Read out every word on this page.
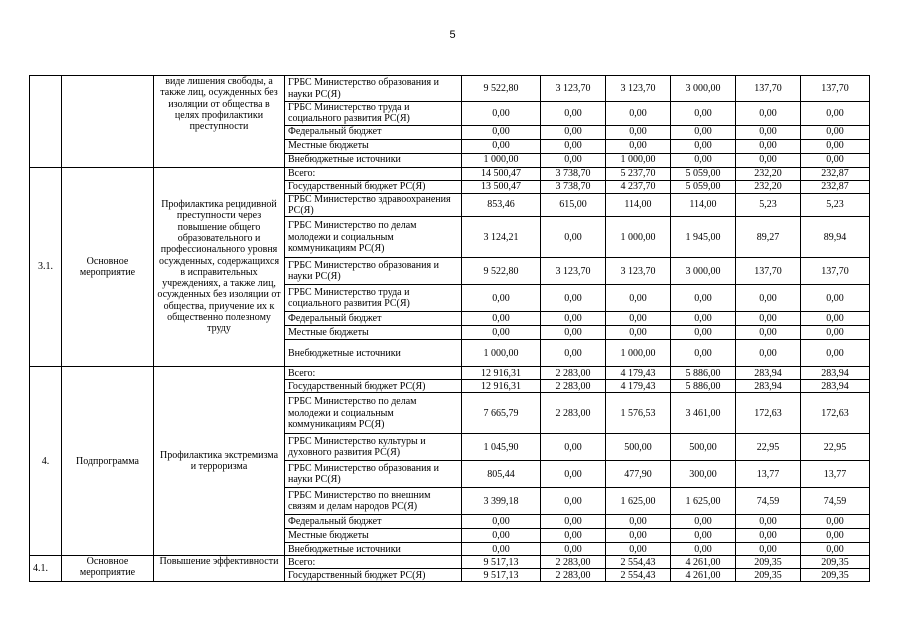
5
		виде лишения свободы, а также лиц, осужденных без изоляции от общества в целях профилактики преступности	ГРБС Министерство образования и науки РС(Я)	9 522,80	3 123,70	3 123,70	3 000,00	137,70	137,70
			ГРБС Министерство труда и социального развития РС(Я)	0,00	0,00	0,00	0,00	0,00	0,00
			Федеральный бюджет	0,00	0,00	0,00	0,00	0,00	0,00
			Местные бюджеты	0,00	0,00	0,00	0,00	0,00	0,00
			Внебюджетные источники	1 000,00	0,00	1 000,00	0,00	0,00	0,00
3.1.	Основное мероприятие	Профилактика рецидивной преступности через повышение общего образовательного и профессионального уровня осужденных, содержащихся в исправительных учреждениях, а также лиц, осужденных без изоляции от общества, приучение их к общественно полезному труду	Всего:	14 500,47	3 738,70	5 237,70	5 059,00	232,20	232,87
			Государственный бюджет РС(Я)	13 500,47	3 738,70	4 237,70	5 059,00	232,20	232,87
			ГРБС Министерство здравоохранения РС(Я)	853,46	615,00	114,00	114,00	5,23	5,23
			ГРБС Министерство по делам молодежи и социальным коммуникациям РС(Я)	3 124,21	0,00	1 000,00	1 945,00	89,27	89,94
			ГРБС Министерство образования и науки РС(Я)	9 522,80	3 123,70	3 123,70	3 000,00	137,70	137,70
			ГРБС Министерство труда и социального развития РС(Я)	0,00	0,00	0,00	0,00	0,00	0,00
			Федеральный бюджет	0,00	0,00	0,00	0,00	0,00	0,00
			Местные бюджеты	0,00	0,00	0,00	0,00	0,00	0,00
			Внебюджетные источники	1 000,00	0,00	1 000,00	0,00	0,00	0,00
4.	Подпрограмма	Профилактика экстремизма и терроризма	Всего:	12 916,31	2 283,00	4 179,43	5 886,00	283,94	283,94
			Государственный бюджет РС(Я)	12 916,31	2 283,00	4 179,43	5 886,00	283,94	283,94
			ГРБС Министерство по делам молодежи и социальным коммуникациям РС(Я)	7 665,79	2 283,00	1 576,53	3 461,00	172,63	172,63
			ГРБС Министерство культуры и духовного развития РС(Я)	1 045,90	0,00	500,00	500,00	22,95	22,95
			ГРБС Министерство образования и науки РС(Я)	805,44	0,00	477,90	300,00	13,77	13,77
			ГРБС Министерство по внешним связям и делам народов РС(Я)	3 399,18	0,00	1 625,00	1 625,00	74,59	74,59
			Федеральный бюджет	0,00	0,00	0,00	0,00	0,00	0,00
			Местные бюджеты	0,00	0,00	0,00	0,00	0,00	0,00
			Внебюджетные источники	0,00	0,00	0,00	0,00	0,00	0,00
4.1.	Основное мероприятие	Повышение эффективности	Всего:	9 517,13	2 283,00	2 554,43	4 261,00	209,35	209,35
			Государственный бюджет РС(Я)	9 517,13	2 283,00	2 554,43	4 261,00	209,35	209,35
